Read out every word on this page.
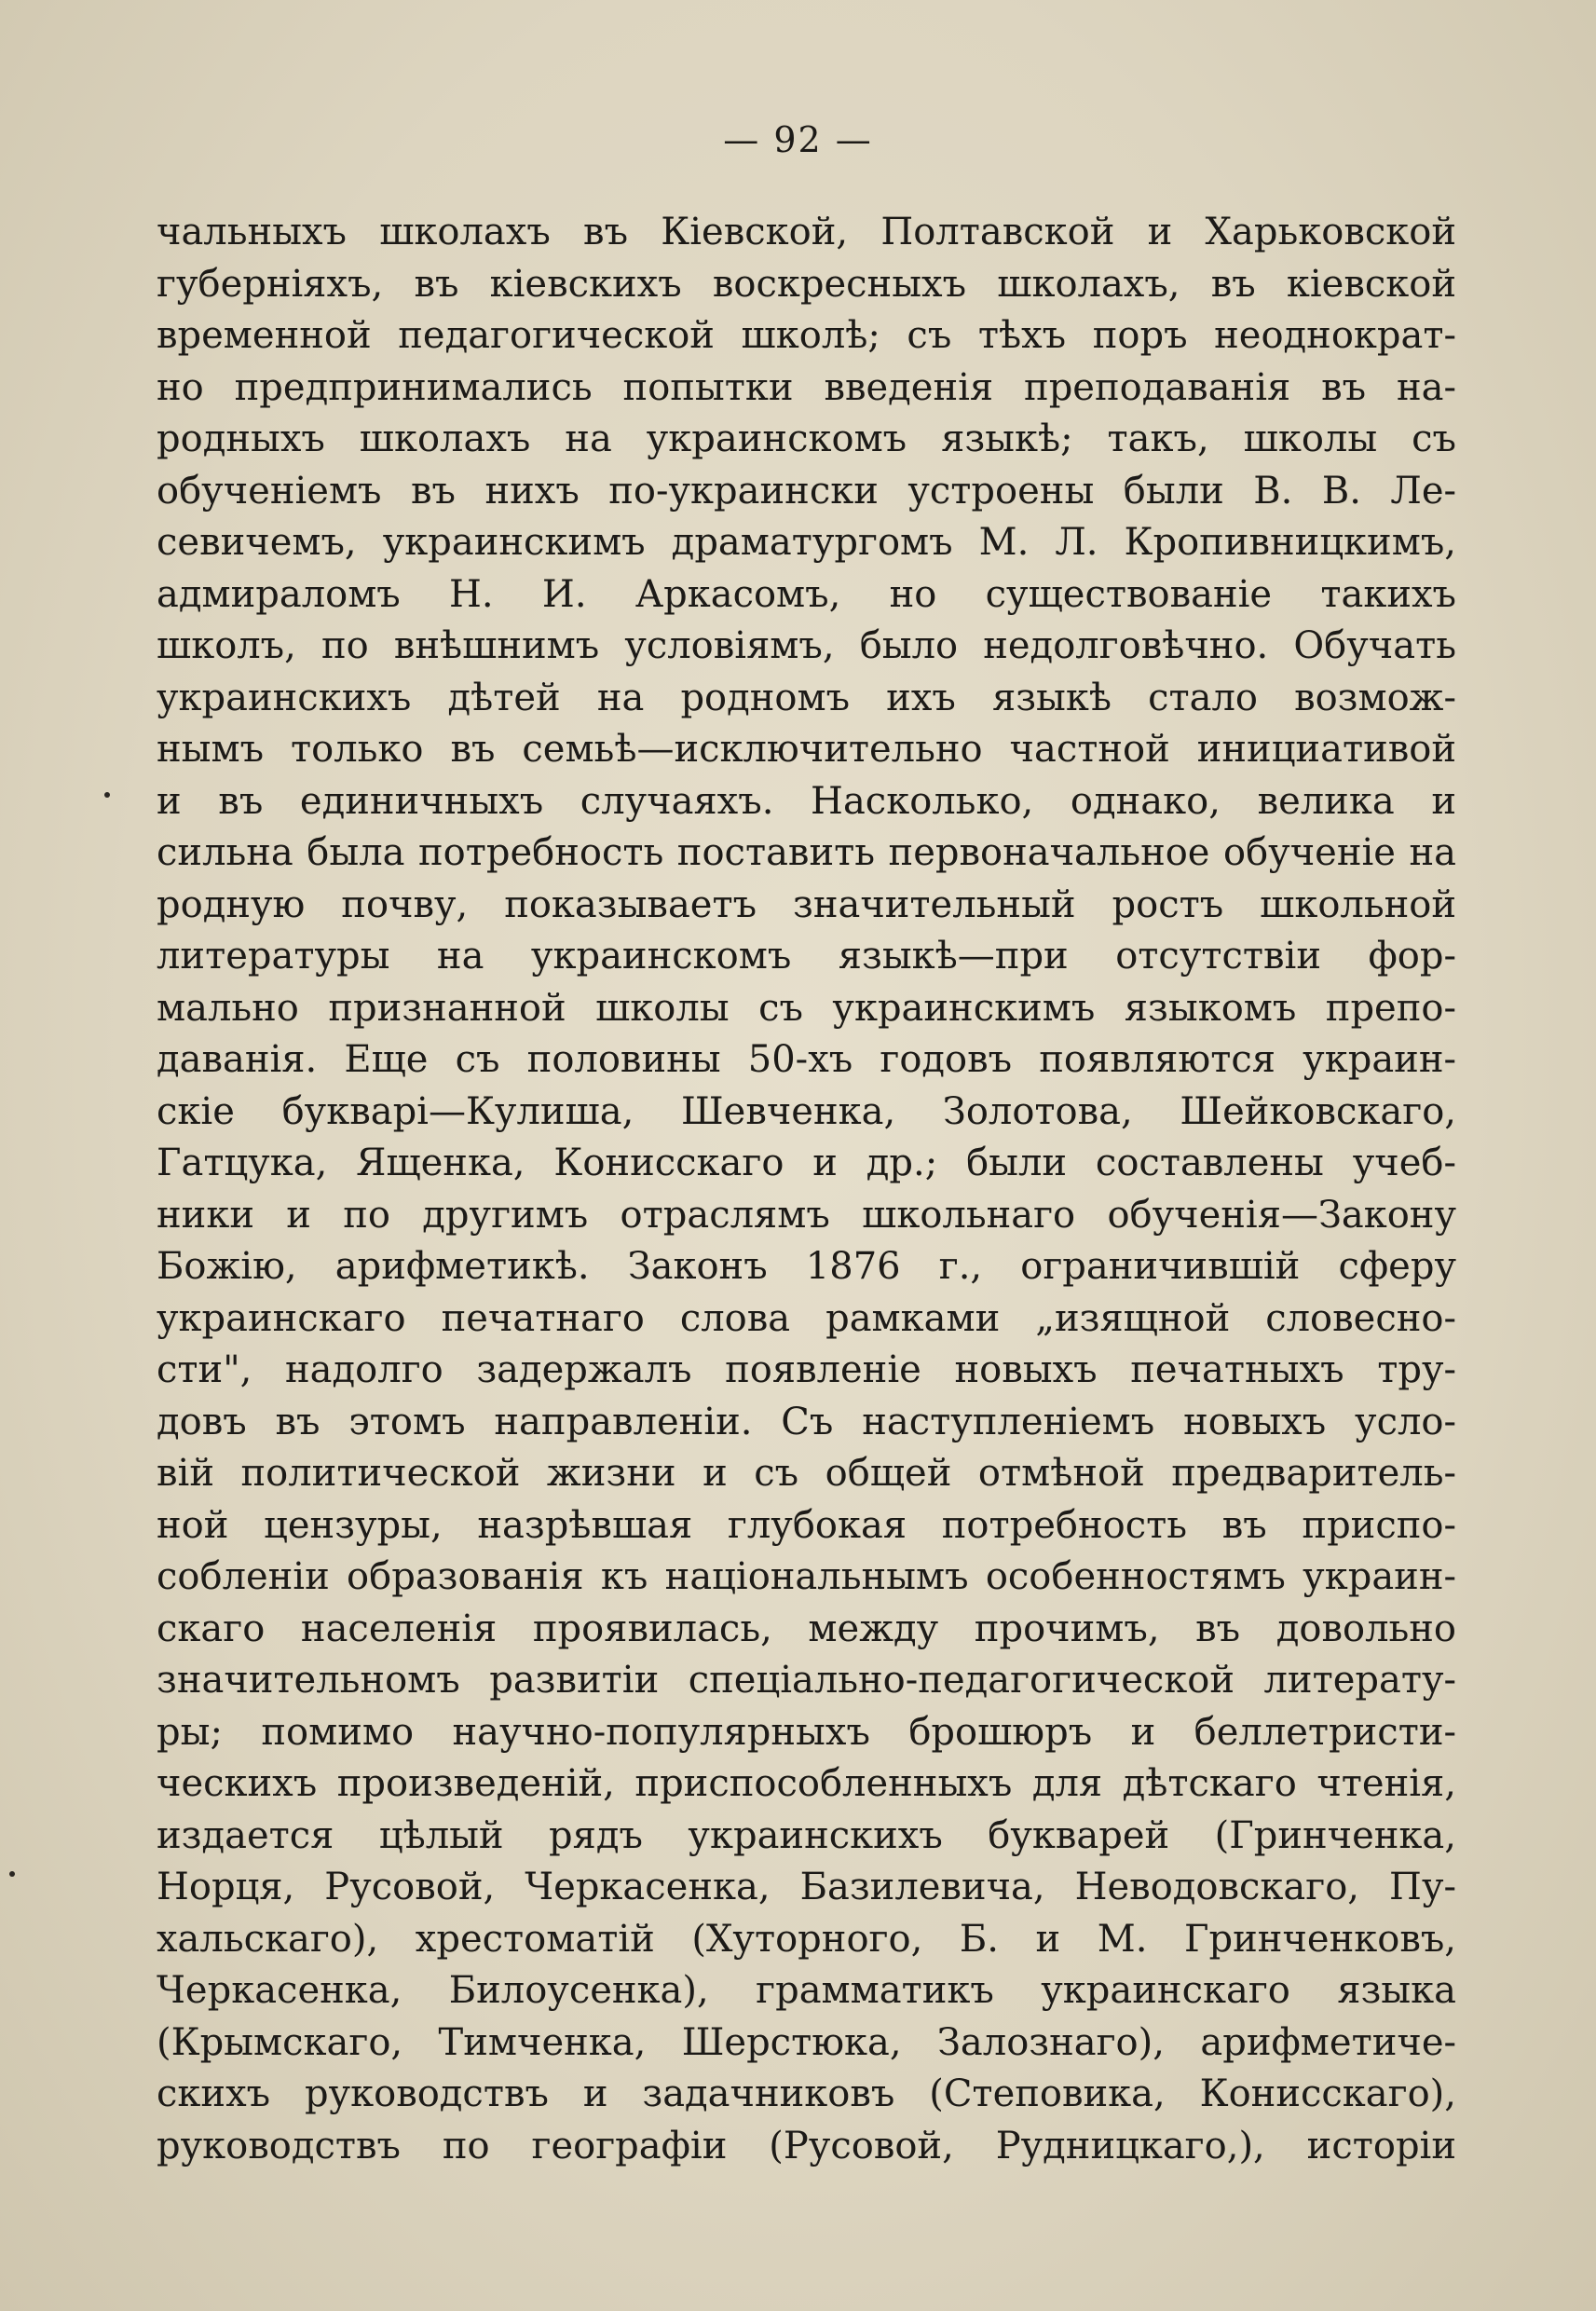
— 92 —
чальныхъ школахъ въ Кіевской, Полтавской и Харьковской
губерніяхъ, въ кіевскихъ воскресныхъ школахъ, въ кіевской
временной педагогической школѣ; съ тѣхъ поръ неоднократ-
но предпринимались попытки введенія преподаванія въ на-
родныхъ школахъ на украинскомъ языкѣ; такъ, школы съ
обученіемъ въ нихъ по-украински устроены были В. В. Ле-
севичемъ, украинскимъ драматургомъ М. Л. Кропивницкимъ,
адмираломъ Н. И. Аркасомъ, но существованіе такихъ
школъ, по внѣшнимъ условіямъ, было недолговѣчно. Обучать
украинскихъ дѣтей на родномъ ихъ языкѣ стало возмож-
нымъ только въ семьѣ—исключительно частной инициативой
и въ единичныхъ случаяхъ. Насколько, однако, велика и
сильна была потребность поставить первоначальное обученіе на
родную почву, показываетъ значительный ростъ школьной
литературы на украинскомъ языкѣ—при отсутствіи фор-
мально признанной школы съ украинскимъ языкомъ препо-
даванія. Еще съ половины 50-хъ годовъ появляются украин-
скіе букварі—Кулиша, Шевченка, Золотова, Шейковскаго,
Гатцука, Ященка, Конисскаго и др.; были составлены учеб-
ники и по другимъ отраслямъ школьнаго обученія—Закону
Божію, арифметикѣ. Законъ 1876 г., ограничившій сферу
украинскаго печатнаго слова рамками „изящной словесно-
сти", надолго задержалъ появленіе новыхъ печатныхъ тру-
довъ въ этомъ направленіи. Съ наступленіемъ новыхъ усло-
вій политической жизни и съ общей отмѣной предваритель-
ной цензуры, назрѣвшая глубокая потребность въ приспо-
собленіи образованія къ національнымъ особенностямъ украин-
скаго населенія проявилась, между прочимъ, въ довольно
значительномъ развитіи спеціально-педагогической литерату-
ры; помимо научно-популярныхъ брошюръ и беллетристи-
ческихъ произведеній, приспособленныхъ для дѣтскаго чтенія,
издается цѣлый рядъ украинскихъ букварей (Гринченка,
Норця, Русовой, Черкасенка, Базилевича, Неводовскаго, Пу-
хальскаго), хрестоматій (Хуторного, Б. и М. Гринченковъ,
Черкасенка, Билоусенка), грамматикъ украинскаго языка
(Крымскаго, Тимченка, Шерстюка, Залознаго), арифметиче-
скихъ руководствъ и задачниковъ (Степовика, Конисскаго),
руководствъ по географіи (Русовой, Рудницкаго,), исторіи
